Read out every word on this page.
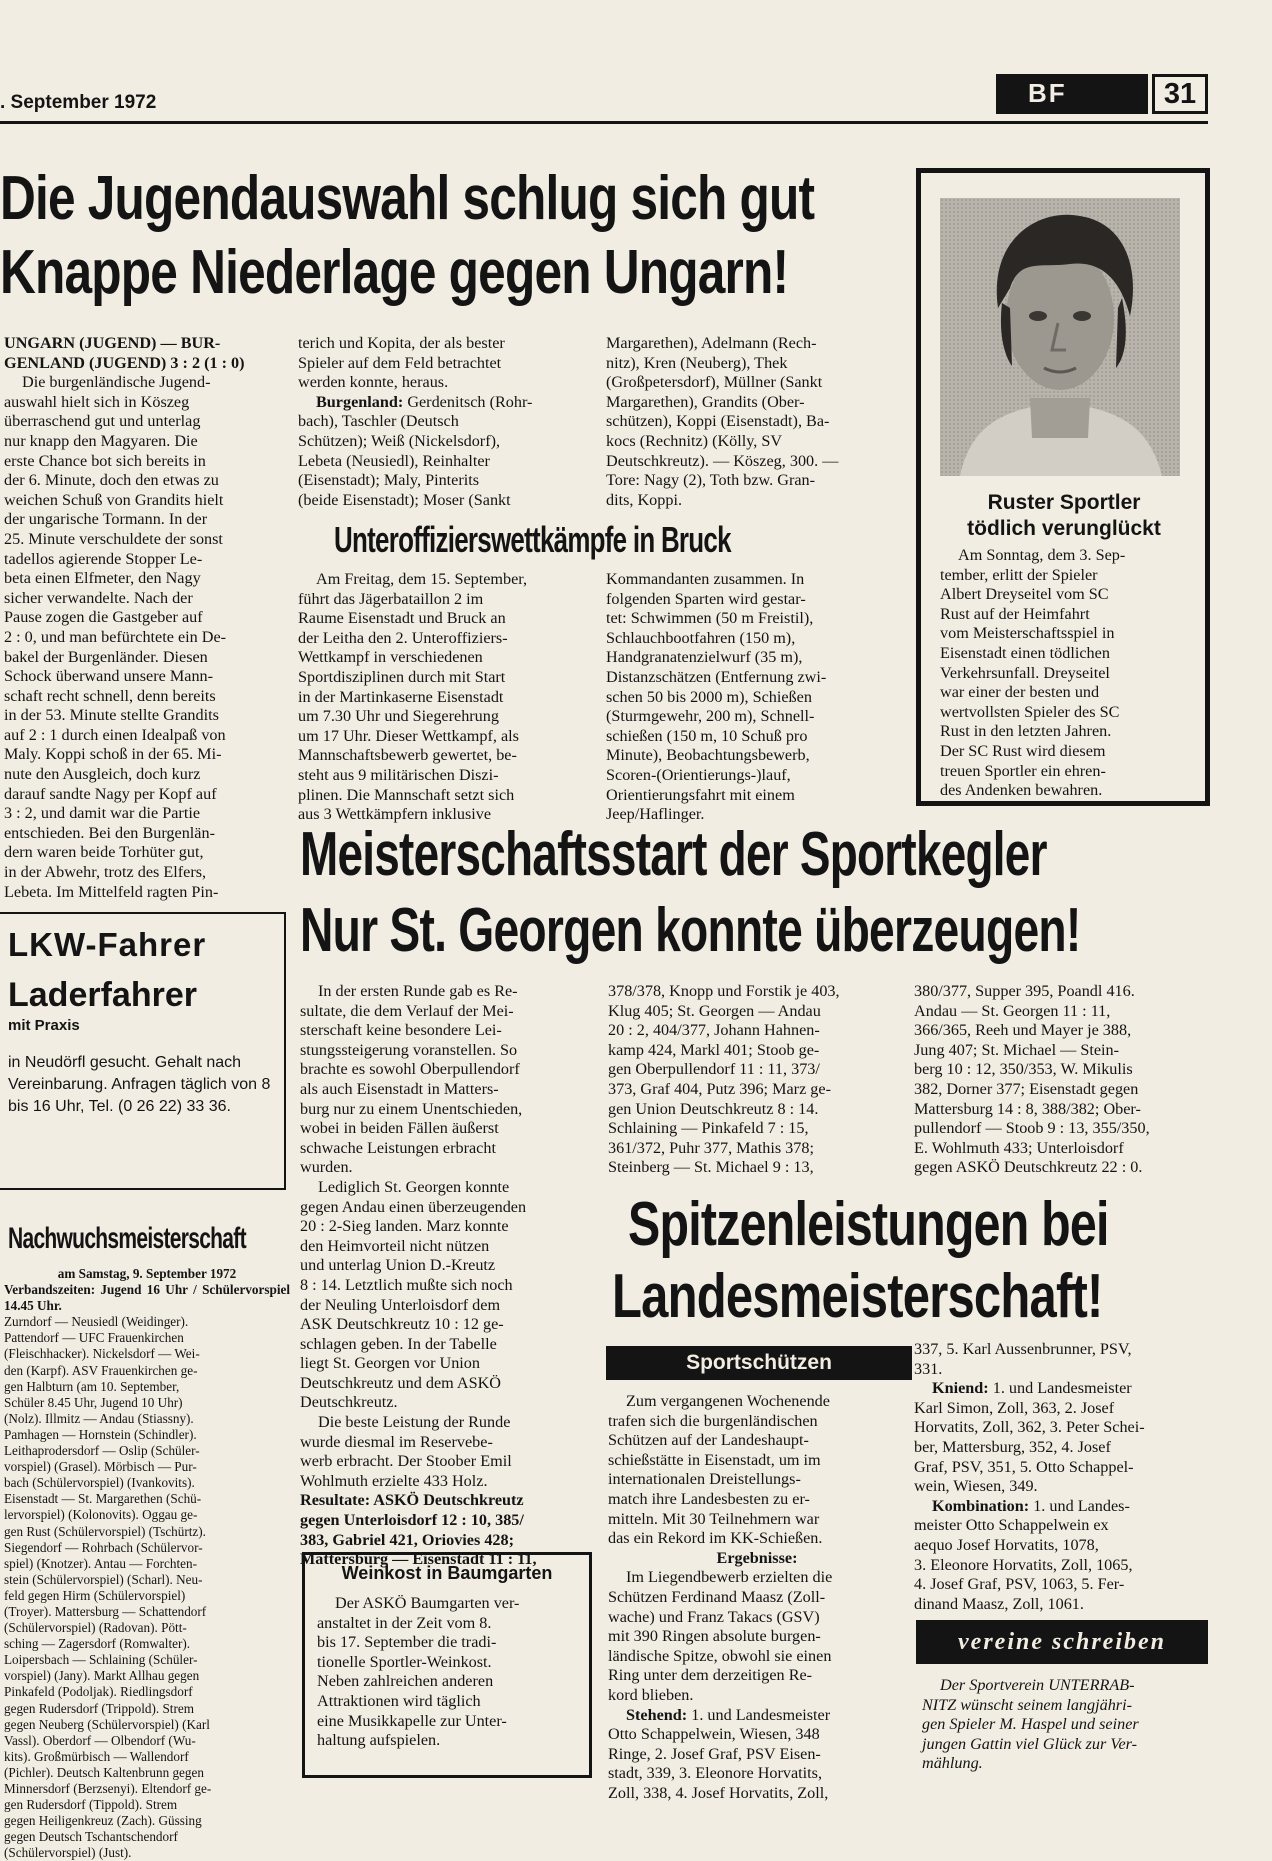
. September 1972	BF	31
Die Jugendauswahl schlug sich gut
Knappe Niederlage gegen Ungarn!

UNGARN (JUGEND) — BUR-
GENLAND (JUGEND) 3 : 2 (1 : 0)

Die burgenländische Jugend-
auswahl hielt sich in Köszeg
überraschend gut und unterlag
nur knapp den Magyaren. Die
erste Chance bot sich bereits in
der 6. Minute, doch den etwas zu
weichen Schuß von Grandits hielt
der ungarische Tormann. In der
25. Minute verschuldete der sonst
tadellos agierende Stopper Le-
beta einen Elfmeter, den Nagy
sicher verwandelte. Nach der
Pause zogen die Gastgeber auf
2 : 0, und man befürchtete ein De-
bakel der Burgenländer. Diesen
Schock überwand unsere Mann-
schaft recht schnell, denn bereits
in der 53. Minute stellte Grandits
auf 2 : 1 durch einen Idealpaß von
Maly. Koppi schoß in der 65. Mi-
nute den Ausgleich, doch kurz
darauf sandte Nagy per Kopf auf
3 : 2, und damit war die Partie
entschieden. Bei den Burgenlän-
dern waren beide Torhüter gut,
in der Abwehr, trotz des Elfers,
Lebeta. Im Mittelfeld ragten Pin-

terich und Kopita, der als bester
Spieler auf dem Feld betrachtet
werden konnte, heraus.

Burgenland: Gerdenitsch (Rohr-
bach), Taschler (Deutsch
Schützen); Weiß (Nickelsdorf),
Lebeta (Neusiedl), Reinhalter
(Eisenstadt); Maly, Pinterits
(beide Eisenstadt); Moser (Sankt

Margarethen), Adelmann (Rech-
nitz), Kren (Neuberg), Thek
(Großpetersdorf), Müllner (Sankt
Margarethen), Grandits (Ober-
schützen), Koppi (Eisenstadt), Ba-
kocs (Rechnitz) (Kölly, SV
Deutschkreutz). — Köszeg, 300. —
Tore: Nagy (2), Toth bzw. Gran-
dits, Koppi.	Ruster Sportler
tödlich verunglückt
Am Sonntag, dem 3. Sep-
tember, erlitt der Spieler
Albert Dreyseitel vom SC
Rust auf der Heimfahrt
vom Meisterschaftsspiel in
Eisenstadt einen tödlichen
Verkehrsunfall. Dreyseitel
war einer der besten und
wertvollsten Spieler des SC
Rust in den letzten Jahren.
Der SC Rust wird diesem
treuen Sportler ein ehren-
des Andenken bewahren.
Unteroffizierswettkämpfe in Bruck

Am Freitag, dem 15. September,
führt das Jägerbataillon 2 im
Raume Eisenstadt und Bruck an
der Leitha den 2. Unteroffiziers-
Wettkampf in verschiedenen
Sportdisziplinen durch mit Start
in der Martinkaserne Eisenstadt
um 7.30 Uhr und Siegerehrung
um 17 Uhr. Dieser Wettkampf, als
Mannschaftsbewerb gewertet, be-
steht aus 9 militärischen Diszi-
plinen. Die Mannschaft setzt sich
aus 3 Wettkämpfern inklusive

Kommandanten zusammen. In
folgenden Sparten wird gestar-
tet: Schwimmen (50 m Freistil),
Schlauchbootfahren (150 m),
Handgranatenzielwurf (35 m),
Distanzschätzen (Entfernung zwi-
schen 50 bis 2000 m), Schießen
(Sturmgewehr, 200 m), Schnell-
schießen (150 m, 10 Schuß pro
Minute), Beobachtungsbewerb,
Scoren-(Orientierungs-)lauf,
Orientierungsfahrt mit einem
Jeep/Haflinger.

Meisterschaftsstart der Sportkegler
Nur St. Georgen konnte überzeugen!

In der ersten Runde gab es Re-
sultate, die dem Verlauf der Mei-
sterschaft keine besondere Lei-
stungssteigerung voranstellen. So
brachte es sowohl Oberpullendorf
als auch Eisenstadt in Matters-
burg nur zu einem Unentschieden,
wobei in beiden Fällen äußerst
schwache Leistungen erbracht
wurden.

Lediglich St. Georgen konnte
gegen Andau einen überzeugenden
20 : 2-Sieg landen. Marz konnte
den Heimvorteil nicht nützen
und unterlag Union D.-Kreutz
8 : 14. Letztlich mußte sich noch
der Neuling Unterloisdorf dem
ASK Deutschkreutz 10 : 12 ge-
schlagen geben. In der Tabelle
liegt St. Georgen vor Union
Deutschkreutz und dem ASKÖ
Deutschkreutz.

Die beste Leistung der Runde
wurde diesmal im Reservebe-
werb erbracht. Der Stoober Emil
Wohlmuth erzielte 433 Holz.

Resultate: ASKÖ Deutschkreutz
gegen Unterloisdorf 12 : 10, 385/
383, Gabriel 421, Oriovies 428;
Mattersburg — Eisenstadt 11 : 11,

378/378, Knopp und Forstik je 403,
Klug 405; St. Georgen — Andau
20 : 2, 404/377, Johann Hahnen-
kamp 424, Markl 401; Stoob ge-
gen Oberpullendorf 11 : 11, 373/
373, Graf 404, Putz 396; Marz ge-
gen Union Deutschkreutz 8 : 14.
Schlaining — Pinkafeld 7 : 15,
361/372, Puhr 377, Mathis 378;
Steinberg — St. Michael 9 : 13,

380/377, Supper 395, Poandl 416.
Andau — St. Georgen 11 : 11,
366/365, Reeh und Mayer je 388,
Jung 407; St. Michael — Stein-
berg 10 : 12, 350/353, W. Mikulis
382, Dorner 377; Eisenstadt gegen
Mattersburg 14 : 8, 388/382; Ober-
pullendorf — Stoob 9 : 13, 355/350,
E. Wohlmuth 433; Unterloisdorf
gegen ASKÖ Deutschkreutz 22 : 0.

LKW-Fahrer
Laderfahrer
mit Praxis
in Neudörfl gesucht. Gehalt nach Vereinbarung. Anfragen täglich von 8 bis 16 Uhr, Tel. (0 26 22) 33 36.
Nachwuchsmeisterschaft

am Samstag, 9. September 1972

Verbandszeiten: Jugend 16 Uhr / Schülervorspiel 14.45 Uhr.

Zurndorf — Neusiedl (Weidinger).
Pattendorf — UFC Frauenkirchen
(Fleischhacker). Nickelsdorf — Wei-
den (Karpf). ASV Frauenkirchen ge-
gen Halbturn (am 10. September,
Schüler 8.45 Uhr, Jugend 10 Uhr)
(Nolz). Illmitz — Andau (Stiassny).
Pamhagen — Hornstein (Schindler).
Leithaprodersdorf — Oslip (Schüler-
vorspiel) (Grasel). Mörbisch — Pur-
bach (Schülervorspiel) (Ivankovits).
Eisenstadt — St. Margarethen (Schü-
lervorspiel) (Kolonovits). Oggau ge-
gen Rust (Schülervorspiel) (Tschürtz).
Siegendorf — Rohrbach (Schülervor-
spiel) (Knotzer). Antau — Forchten-
stein (Schülervorspiel) (Scharl). Neu-
feld gegen Hirm (Schülervorspiel)
(Troyer). Mattersburg — Schattendorf
(Schülervorspiel) (Radovan). Pött-
sching — Zagersdorf (Romwalter).
Loipersbach — Schlaining (Schüler-
vorspiel) (Jany). Markt Allhau gegen
Pinkafeld (Podoljak). Riedlingsdorf
gegen Rudersdorf (Trippold). Strem
gegen Neuberg (Schülervorspiel) (Karl
Vassl). Oberdorf — Olbendorf (Wu-
kits). Großmürbisch — Wallendorf
(Pichler). Deutsch Kaltenbrunn gegen
Minnersdorf (Berzsenyi). Eltendorf ge-
gen Rudersdorf (Tippold). Strem
gegen Heiligenkreuz (Zach). Güssing
gegen Deutsch Tschantschendorf
(Schülervorspiel) (Just).

Weinkost in Baumgarten
Der ASKÖ Baumgarten ver-
anstaltet in der Zeit vom 8.
bis 17. September die tradi-
tionelle Sportler-Weinkost.
Neben zahlreichen anderen
Attraktionen wird täglich
eine Musikkapelle zur Unter-
haltung aufspielen.
Spitzenleistungen bei
Landesmeisterschaft!
Sportschützen

Zum vergangenen Wochenende
trafen sich die burgenländischen
Schützen auf der Landeshaupt-
schießstätte in Eisenstadt, um im
internationalen Dreistellungs-
match ihre Landesbesten zu er-
mitteln. Mit 30 Teilnehmern war
das ein Rekord im KK-Schießen.

Ergebnisse:

Im Liegendbewerb erzielten die
Schützen Ferdinand Maasz (Zoll-
wache) und Franz Takacs (GSV)
mit 390 Ringen absolute burgen-
ländische Spitze, obwohl sie einen
Ring unter dem derzeitigen Re-
kord blieben.

Stehend: 1. und Landesmeister
Otto Schappelwein, Wiesen, 348
Ringe, 2. Josef Graf, PSV Eisen-
stadt, 339, 3. Eleonore Horvatits,
Zoll, 338, 4. Josef Horvatits, Zoll,

337, 5. Karl Aussenbrunner, PSV,
331.

Kniend: 1. und Landesmeister
Karl Simon, Zoll, 363, 2. Josef
Horvatits, Zoll, 362, 3. Peter Schei-
ber, Mattersburg, 352, 4. Josef
Graf, PSV, 351, 5. Otto Schappel-
wein, Wiesen, 349.

Kombination: 1. und Landes-
meister Otto Schappelwein ex
aequo Josef Horvatits, 1078,
3. Eleonore Horvatits, Zoll, 1065,
4. Josef Graf, PSV, 1063, 5. Fer-
dinand Maasz, Zoll, 1061.

vereine schreiben
Der Sportverein UNTERRAB-
NITZ wünscht seinem langjähri-
gen Spieler M. Haspel und seiner
jungen Gattin viel Glück zur Ver-
mählung.
